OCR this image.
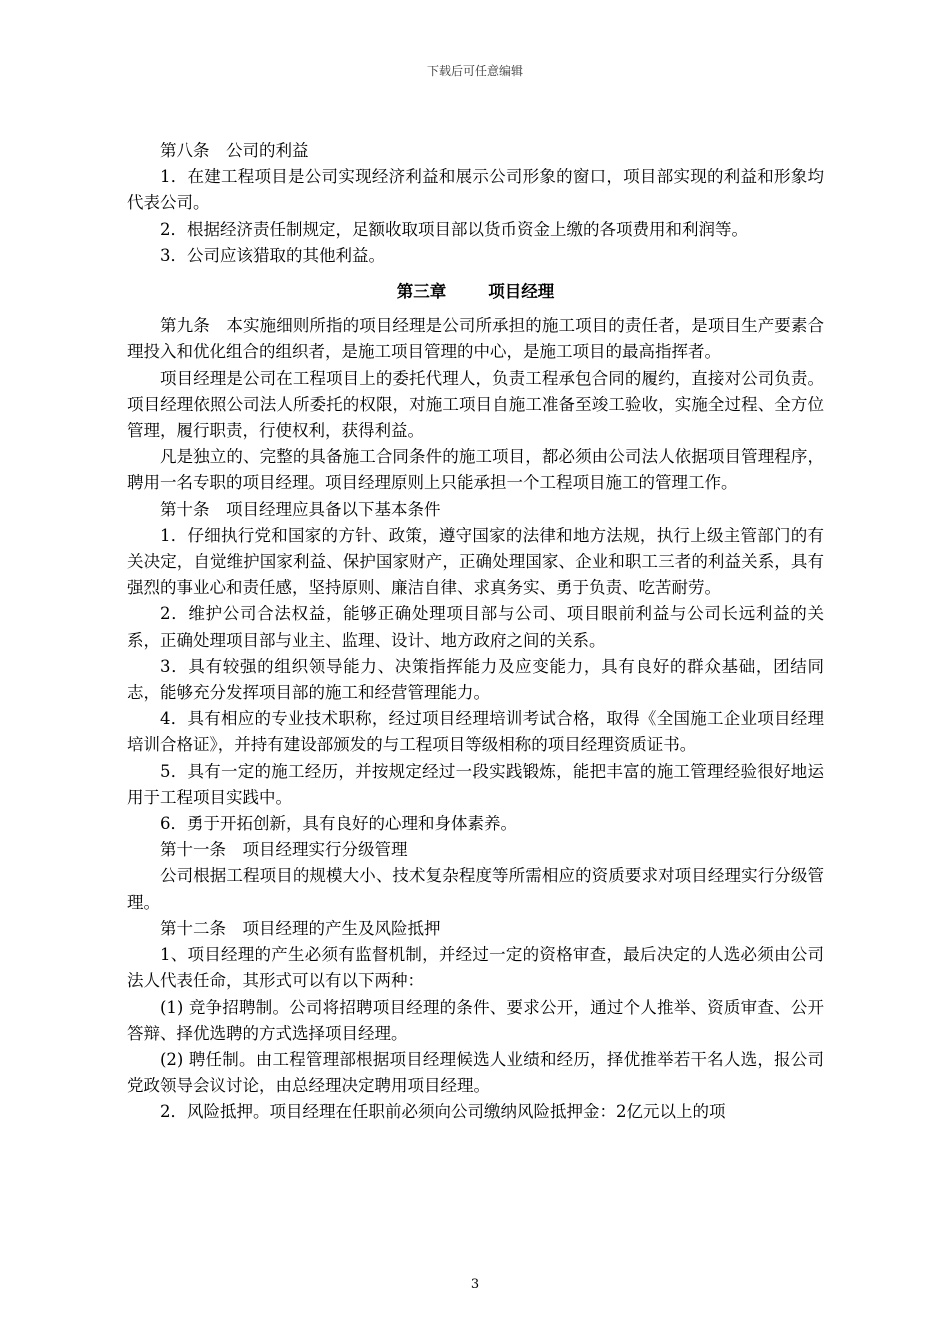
下载后可任意编辑

第八条　公司的利益

1．在建工程项目是公司实现经济利益和展示公司形象的窗口，项目部实现的利益和形象均代表公司。

2．根据经济责任制规定，足额收取项目部以货币资金上缴的各项费用和利润等。

3．公司应该猎取的其他利益。

第三章	项目经理

第九条　本实施细则所指的项目经理是公司所承担的施工项目的责任者，是项目生产要素合理投入和优化组合的组织者，是施工项目管理的中心，是施工项目的最高指挥者。

项目经理是公司在工程项目上的委托代理人，负责工程承包合同的履约，直接对公司负责。项目经理依照公司法人所委托的权限，对施工项目自施工准备至竣工验收，实施全过程、全方位管理，履行职责，行使权利，获得利益。

凡是独立的、完整的具备施工合同条件的施工项目，都必须由公司法人依据项目管理程序，聘用一名专职的项目经理。项目经理原则上只能承担一个工程项目施工的管理工作。

第十条　项目经理应具备以下基本条件

1．仔细执行党和国家的方针、政策，遵守国家的法律和地方法规，执行上级主管部门的有关决定，自觉维护国家利益、保护国家财产，正确处理国家、企业和职工三者的利益关系，具有强烈的事业心和责任感，坚持原则、廉洁自律、求真务实、勇于负责、吃苦耐劳。

2．维护公司合法权益，能够正确处理项目部与公司、项目眼前利益与公司长远利益的关系，正确处理项目部与业主、监理、设计、地方政府之间的关系。

3．具有较强的组织领导能力、决策指挥能力及应变能力，具有良好的群众基础，团结同志，能够充分发挥项目部的施工和经营管理能力。

4．具有相应的专业技术职称，经过项目经理培训考试合格，取得《全国施工企业项目经理培训合格证》，并持有建设部颁发的与工程项目等级相称的项目经理资质证书。

5．具有一定的施工经历，并按规定经过一段实践锻炼，能把丰富的施工管理经验很好地运用于工程项目实践中。

6．勇于开拓创新，具有良好的心理和身体素养。

第十一条　项目经理实行分级管理

公司根据工程项目的规模大小、技术复杂程度等所需相应的资质要求对项目经理实行分级管理。

第十二条　项目经理的产生及风险抵押

1、项目经理的产生必须有监督机制，并经过一定的资格审查，最后决定的人选必须由公司法人代表任命，其形式可以有以下两种：

(1) 竞争招聘制。公司将招聘项目经理的条件、要求公开，通过个人推举、资质审查、公开答辩、择优选聘的方式选择项目经理。

(2) 聘任制。由工程管理部根据项目经理候选人业绩和经历，择优推举若干名人选，报公司党政领导会议讨论，由总经理决定聘用项目经理。

2．风险抵押。项目经理在任职前必须向公司缴纳风险抵押金：2亿元以上的项

3
